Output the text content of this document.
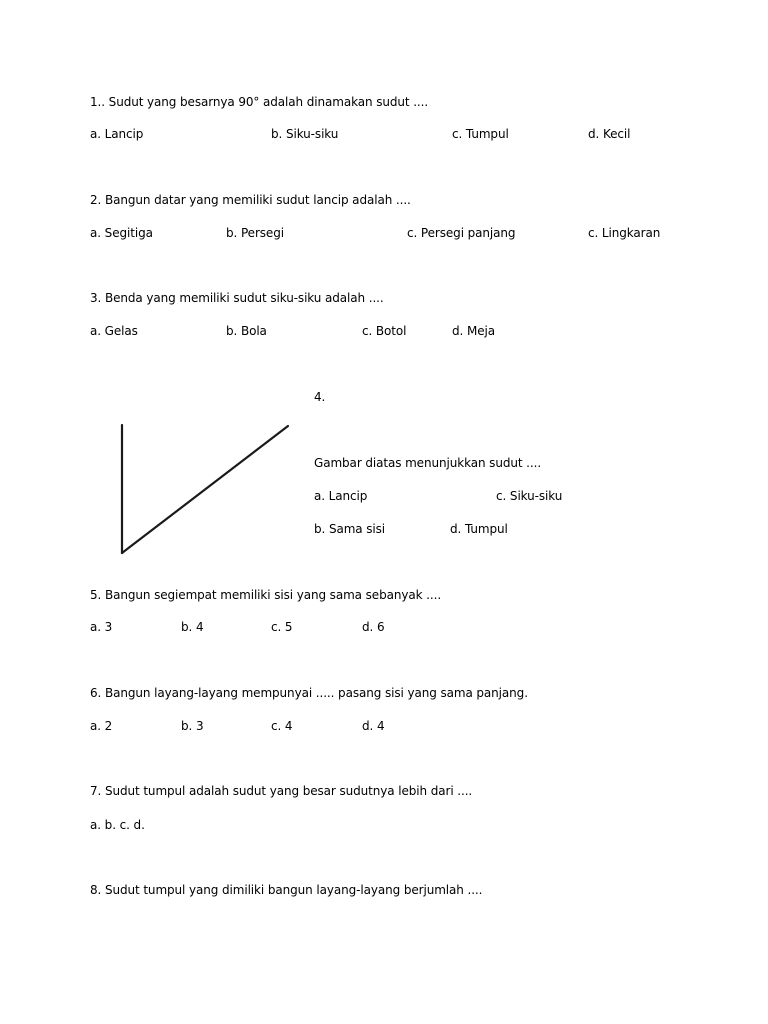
1.. Sudut yang besarnya 90° adalah dinamakan sudut ....
a. Lancip	b. Siku-siku	c. Tumpul	d. Kecil
2. Bangun datar yang memiliki sudut lancip adalah ....
a. Segitiga	b. Persegi	c. Persegi panjang	c. Lingkaran
3. Benda yang memiliki sudut siku-siku adalah ....
a. Gelas	b. Bola	c. Botol	d. Meja
4.
Gambar diatas menunjukkan sudut ....
a. Lancip	c. Siku-siku
b. Sama sisi	d. Tumpul
5. Bangun segiempat memiliki sisi yang sama sebanyak ....
a. 3	b. 4	c. 5	d. 6
6. Bangun layang-layang mempunyai ..... pasang sisi yang sama panjang.
a. 2	b. 3	c. 4	d. 4
7. Sudut tumpul adalah sudut yang besar sudutnya lebih dari ....
a. b. c. d.
8. Sudut tumpul yang dimiliki bangun layang-layang berjumlah ....
